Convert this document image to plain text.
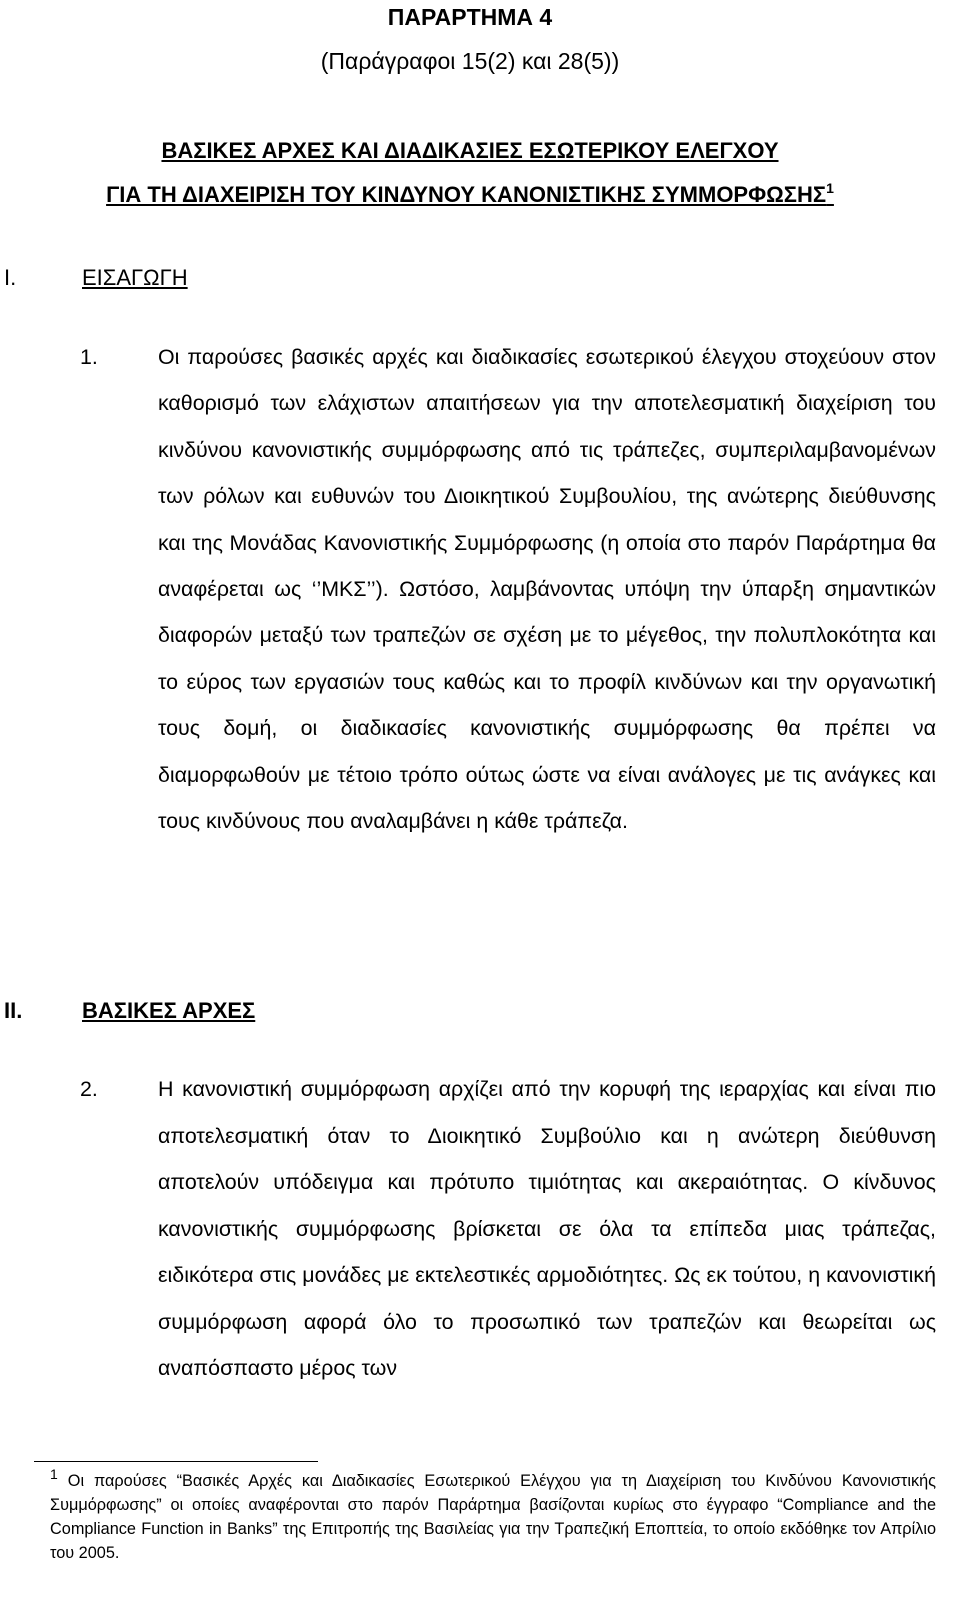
ΠΑΡΑΡΤΗΜΑ 4
(Παράγραφοι 15(2) και 28(5))
ΒΑΣΙΚΕΣ ΑΡΧΕΣ ΚΑΙ ΔΙΑΔΙΚΑΣΙΕΣ ΕΣΩΤΕΡΙΚΟΥ ΕΛΕΓΧΟΥ
ΓΙΑ ΤΗ ΔΙΑΧΕΙΡΙΣΗ ΤΟΥ ΚΙΝΔΥΝΟΥ ΚΑΝΟΝΙΣΤΙΚΗΣ ΣΥΜΜΟΡΦΩΣΗΣ$^1$
I.	ΕΙΣΑΓΩΓΗ
1.	Οι παρούσες βασικές αρχές και διαδικασίες εσωτερικού έλεγχου στοχεύουν στον καθορισμό των ελάχιστων απαιτήσεων για την αποτελεσματική διαχείριση του κινδύνου κανονιστικής συμμόρφωσης από τις τράπεζες, συμπεριλαμβανομένων των ρόλων και ευθυνών του Διοικητικού Συμβουλίου, της ανώτερης διεύθυνσης και της Μονάδας Κανονιστικής Συμμόρφωσης (η οποία στο παρόν Παράρτημα θα αναφέρεται ως ‘’ΜΚΣ’’). Ωστόσο, λαμβάνοντας υπόψη την ύπαρξη σημαντικών διαφορών μεταξύ των τραπεζών σε σχέση με το μέγεθος, την πολυπλοκότητα και το εύρος των εργασιών τους καθώς και το προφίλ κινδύνων και την οργανωτική τους δομή, οι διαδικασίες κανονιστικής συμμόρφωσης θα πρέπει να διαμορφωθούν με τέτοιο τρόπο ούτως ώστε να είναι ανάλογες με τις ανάγκες και τους κινδύνους που αναλαμβάνει η κάθε τράπεζα.
II.	ΒΑΣΙΚΕΣ ΑΡΧΕΣ
2.	Η κανονιστική συμμόρφωση αρχίζει από την κορυφή της ιεραρχίας και είναι πιο αποτελεσματική όταν το Διοικητικό Συμβούλιο και η ανώτερη διεύθυνση αποτελούν υπόδειγμα και πρότυπο τιμιότητας και ακεραιότητας. Ο κίνδυνος κανονιστικής συμμόρφωσης βρίσκεται σε όλα τα επίπεδα μιας τράπεζας, ειδικότερα στις μονάδες με εκτελεστικές αρμοδιότητες. Ως εκ τούτου, η κανονιστική συμμόρφωση αφορά όλο το προσωπικό των τραπεζών και θεωρείται ως αναπόσπαστο μέρος των
1 Οι παρούσες “Βασικές Αρχές και Διαδικασίες Εσωτερικού Ελέγχου για τη Διαχείριση του Κινδύνου Κανονιστικής Συμμόρφωσης” οι οποίες αναφέρονται στο παρόν Παράρτημα βασίζονται κυρίως στο έγγραφο “Compliance and the Compliance Function in Banks” της Επιτροπής της Βασιλείας για την Τραπεζική Εποπτεία, το οποίο εκδόθηκε τον Απρίλιο του 2005.
